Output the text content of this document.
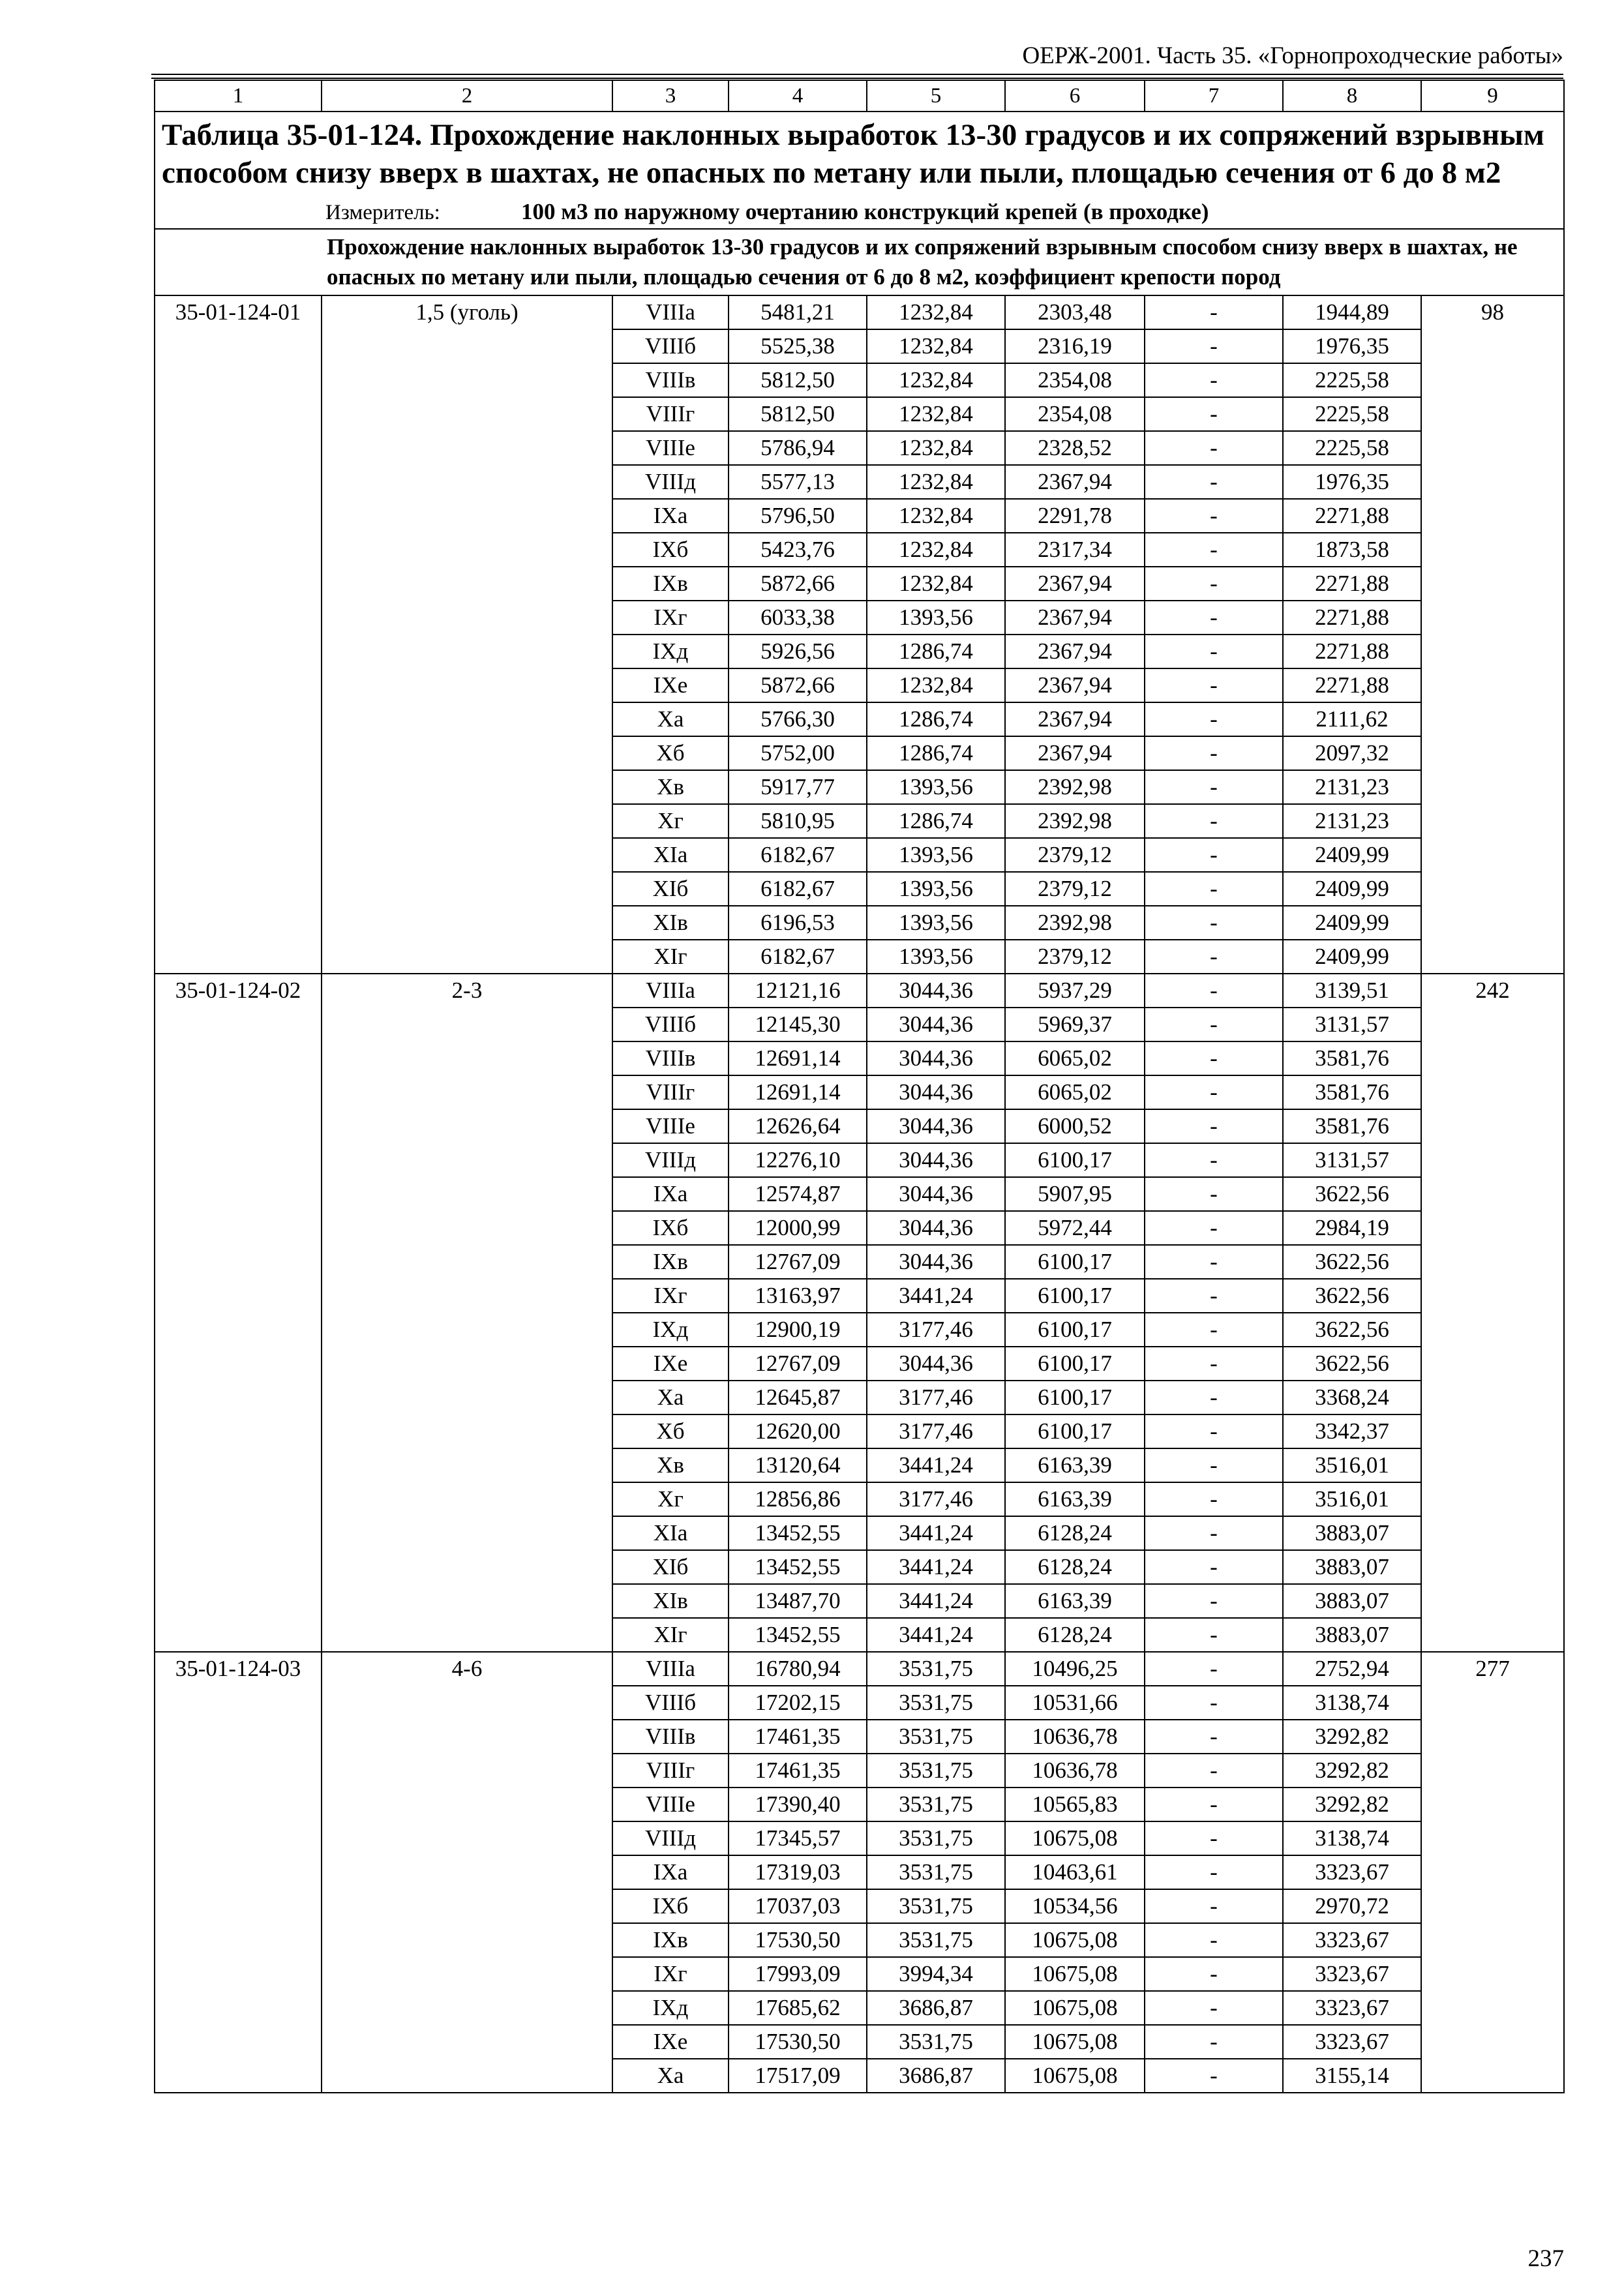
ОЕРЖ-2001. Часть 35. «Горнопроходческие работы»
1	2	3	4	5	6	7	8	9
Таблица 35-01-124. Прохождение наклонных выработок 13-30 градусов и их сопряжений взрывным способом снизу вверх в шахтах, не опасных по метану или пыли, площадью сечения от 6 до 8 м2								
	Измеритель: 100 м3 по наружному очертанию конструкций крепей (в проходке)							
	Прохождение наклонных выработок 13-30 градусов и их сопряжений взрывным способом снизу вверх в шахтах, не опасных по метану или пыли, площадью сечения от 6 до 8 м2, коэффициент крепости пород							
35-01-124-01	1,5 (уголь)	VIIIа	5481,21	1232,84	2303,48	-	1944,89	98
		VIIIб	5525,38	1232,84	2316,19	-	1976,35	
		VIIIв	5812,50	1232,84	2354,08	-	2225,58	
		VIIIг	5812,50	1232,84	2354,08	-	2225,58	
		VIIIе	5786,94	1232,84	2328,52	-	2225,58	
		VIIIд	5577,13	1232,84	2367,94	-	1976,35	
		IXа	5796,50	1232,84	2291,78	-	2271,88	
		IXб	5423,76	1232,84	2317,34	-	1873,58	
		IXв	5872,66	1232,84	2367,94	-	2271,88	
		IXг	6033,38	1393,56	2367,94	-	2271,88	
		IXд	5926,56	1286,74	2367,94	-	2271,88	
		IXе	5872,66	1232,84	2367,94	-	2271,88	
		Xа	5766,30	1286,74	2367,94	-	2111,62	
		Xб	5752,00	1286,74	2367,94	-	2097,32	
		Xв	5917,77	1393,56	2392,98	-	2131,23	
		Xг	5810,95	1286,74	2392,98	-	2131,23	
		XIа	6182,67	1393,56	2379,12	-	2409,99	
		XIб	6182,67	1393,56	2379,12	-	2409,99	
		XIв	6196,53	1393,56	2392,98	-	2409,99	
		XIг	6182,67	1393,56	2379,12	-	2409,99	
35-01-124-02	2-3	VIIIа	12121,16	3044,36	5937,29	-	3139,51	242
		VIIIб	12145,30	3044,36	5969,37	-	3131,57	
		VIIIв	12691,14	3044,36	6065,02	-	3581,76	
		VIIIг	12691,14	3044,36	6065,02	-	3581,76	
		VIIIе	12626,64	3044,36	6000,52	-	3581,76	
		VIIIд	12276,10	3044,36	6100,17	-	3131,57	
		IXа	12574,87	3044,36	5907,95	-	3622,56	
		IXб	12000,99	3044,36	5972,44	-	2984,19	
		IXв	12767,09	3044,36	6100,17	-	3622,56	
		IXг	13163,97	3441,24	6100,17	-	3622,56	
		IXд	12900,19	3177,46	6100,17	-	3622,56	
		IXе	12767,09	3044,36	6100,17	-	3622,56	
		Xа	12645,87	3177,46	6100,17	-	3368,24	
		Xб	12620,00	3177,46	6100,17	-	3342,37	
		Xв	13120,64	3441,24	6163,39	-	3516,01	
		Xг	12856,86	3177,46	6163,39	-	3516,01	
		XIа	13452,55	3441,24	6128,24	-	3883,07	
		XIб	13452,55	3441,24	6128,24	-	3883,07	
		XIв	13487,70	3441,24	6163,39	-	3883,07	
		XIг	13452,55	3441,24	6128,24	-	3883,07	
35-01-124-03	4-6	VIIIа	16780,94	3531,75	10496,25	-	2752,94	277
		VIIIб	17202,15	3531,75	10531,66	-	3138,74	
		VIIIв	17461,35	3531,75	10636,78	-	3292,82	
		VIIIг	17461,35	3531,75	10636,78	-	3292,82	
		VIIIе	17390,40	3531,75	10565,83	-	3292,82	
		VIIIд	17345,57	3531,75	10675,08	-	3138,74	
		IXа	17319,03	3531,75	10463,61	-	3323,67	
		IXб	17037,03	3531,75	10534,56	-	2970,72	
		IXв	17530,50	3531,75	10675,08	-	3323,67	
		IXг	17993,09	3994,34	10675,08	-	3323,67	
		IXд	17685,62	3686,87	10675,08	-	3323,67	
		IXе	17530,50	3531,75	10675,08	-	3323,67	
		Xа	17517,09	3686,87	10675,08	-	3155,14	
237
